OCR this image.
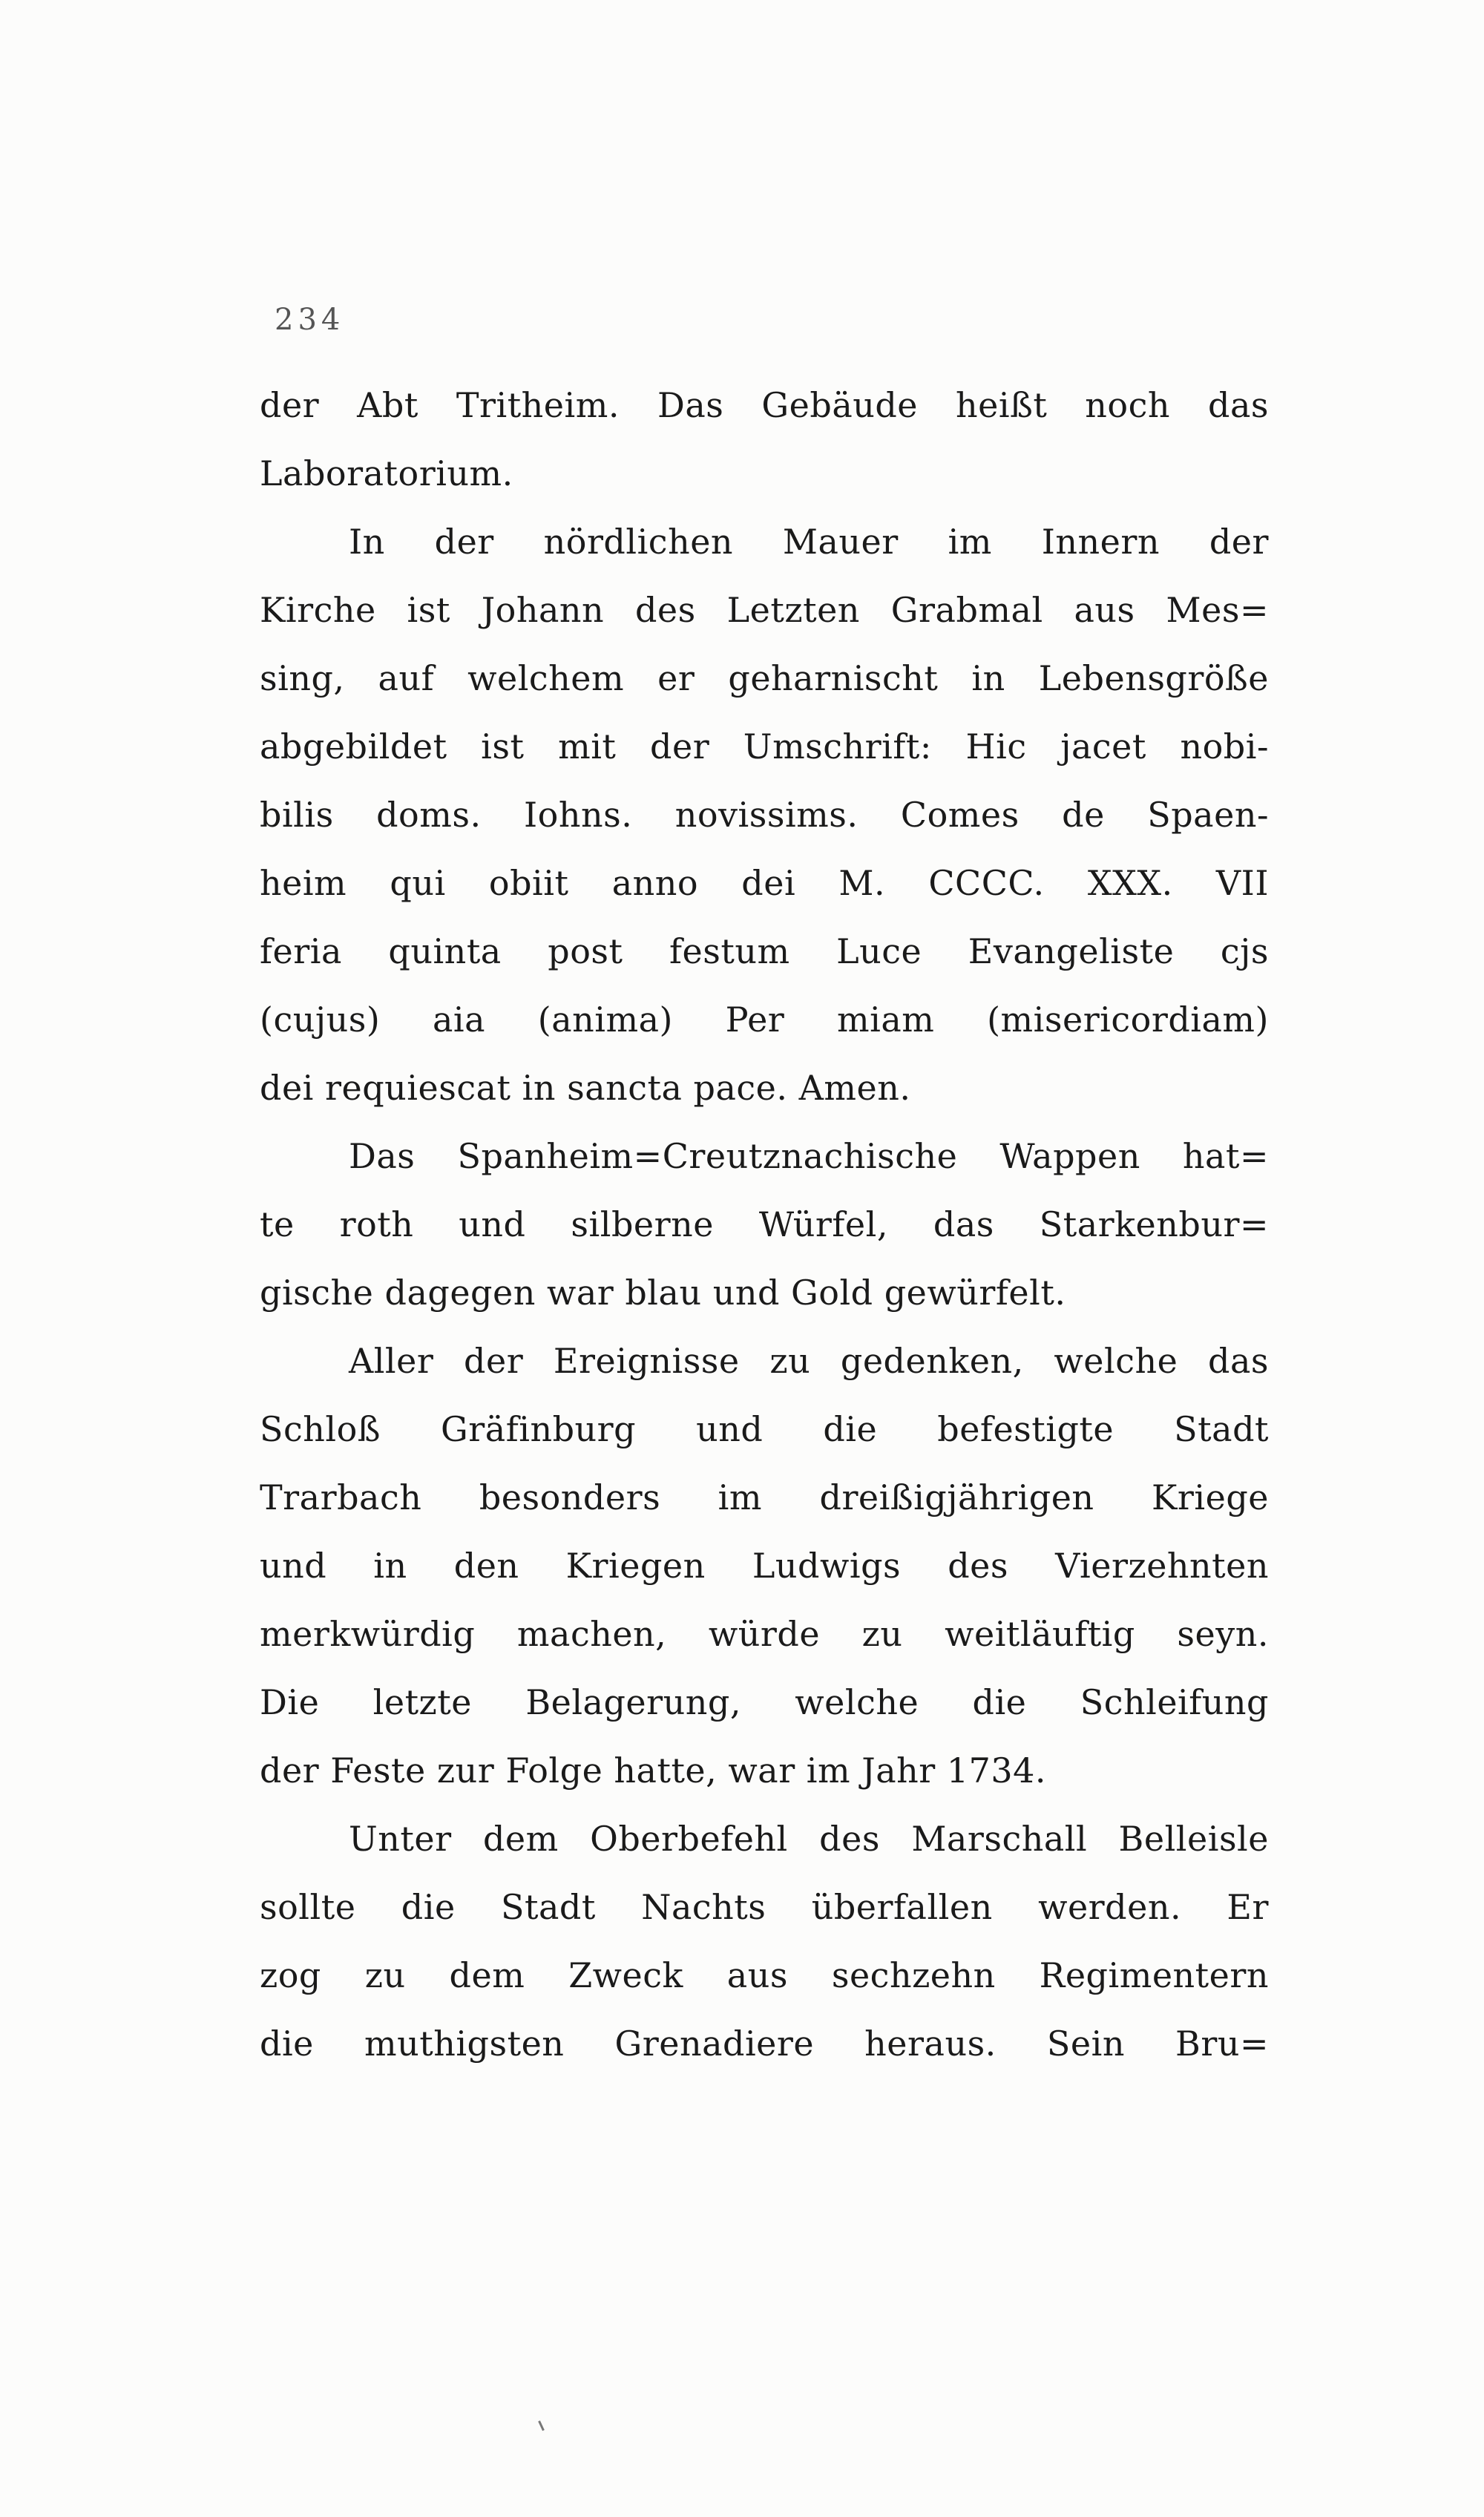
234
der Abt Tritheim. Das Gebäude heißt noch das
Laboratorium.
In der nördlichen Mauer im Innern der
Kirche ist Johann des Letzten Grabmal aus Mes=
sing, auf welchem er geharnischt in Lebensgröße
abgebildet ist mit der Umschrift: Hic jacet nobi-
bilis doms. Iohns. novissims. Comes de Spaen-
heim qui obiit anno dei M. CCCC. XXX. VII
feria quinta post festum Luce Evangeliste cjs
(cujus) aia (anima) Per miam (misericordiam)
dei requiescat in sancta pace. Amen.
Das Spanheim=Creutznachische Wappen hat=
te roth und silberne Würfel, das Starkenbur=
gische dagegen war blau und Gold gewürfelt.
Aller der Ereignisse zu gedenken, welche das
Schloß Gräfinburg und die befestigte Stadt
Trarbach besonders im dreißigjährigen Kriege
und in den Kriegen Ludwigs des Vierzehnten
merkwürdig machen, würde zu weitläuftig seyn.
Die letzte Belagerung, welche die Schleifung
der Feste zur Folge hatte, war im Jahr 1734.
Unter dem Oberbefehl des Marschall Belleisle
sollte die Stadt Nachts überfallen werden. Er
zog zu dem Zweck aus sechzehn Regimentern
die muthigsten Grenadiere heraus. Sein Bru=
